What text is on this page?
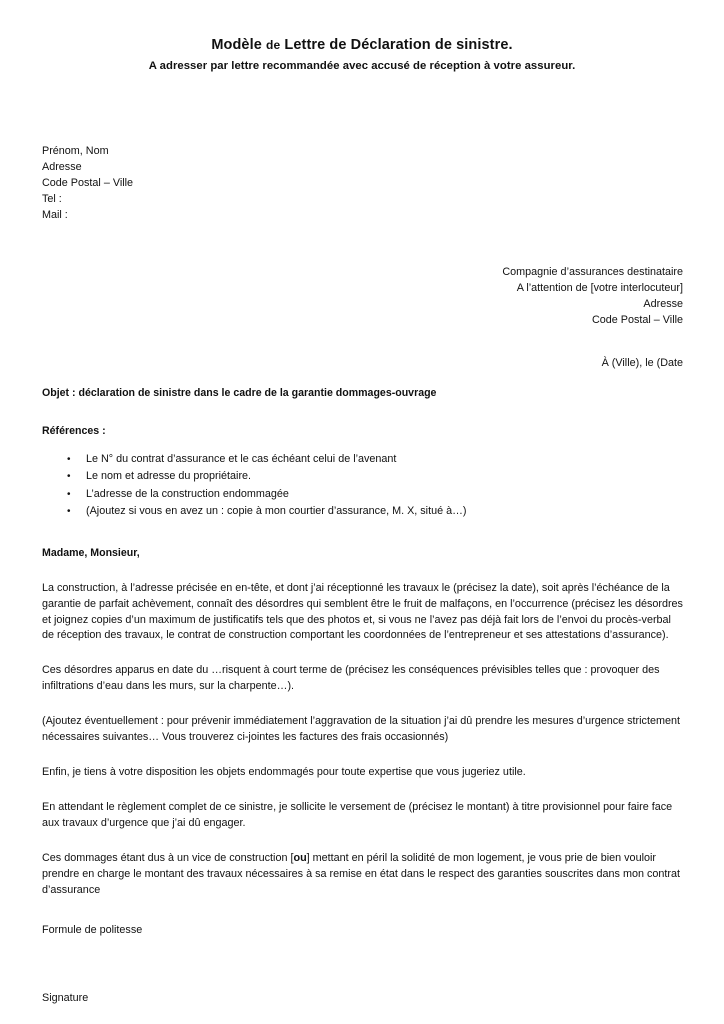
Modèle de Lettre de Déclaration de sinistre.
A adresser par lettre recommandée avec accusé de réception à votre assureur.
Prénom, Nom
Adresse
Code Postal – Ville
Tel :
Mail :
Compagnie d’assurances destinataire
A l’attention de [votre interlocuteur]
Adresse
Code Postal – Ville
À (Ville), le (Date
Objet : déclaration de sinistre dans le cadre de la garantie dommages-ouvrage
Références :
• Le N° du contrat d’assurance et le cas échéant celui de l’avenant
• Le nom et adresse du propriétaire.
• L’adresse de la construction endommagée
• (Ajoutez si vous en avez un : copie à mon courtier d’assurance, M. X, situé à…)
Madame, Monsieur,

La construction, à l’adresse précisée en en-tête, et dont j’ai réceptionné les travaux le (précisez la date), soit après l’échéance de la garantie de parfait achèvement, connaît des désordres qui semblent être le fruit de malfaçons, en l’occurrence (précisez les désordres et joignez copies d’un maximum de justificatifs tels que des photos et, si vous ne l’avez pas déjà fait lors de l’envoi du procès-verbal de réception des travaux, le contrat de construction comportant les coordonnées de l’entrepreneur et ses attestations d’assurance).

Ces désordres apparus en date du …risquent à court terme de (précisez les conséquences prévisibles telles que : provoquer des infiltrations d’eau dans les murs, sur la charpente…).

(Ajoutez éventuellement : pour prévenir immédiatement l’aggravation de la situation j’ai dû prendre les mesures d’urgence strictement nécessaires suivantes… Vous trouverez ci-jointes les factures des frais occasionnés)

Enfin, je tiens à votre disposition les objets endommagés pour toute expertise que vous jugeriez utile.

En attendant le règlement complet de ce sinistre, je sollicite le versement de (précisez le montant) à titre provisionnel pour faire face aux travaux d’urgence que j’ai dû engager.

Ces dommages étant dus à un vice de construction [ou] mettant en péril la solidité de mon logement, je vous prie de bien vouloir prendre en charge le montant des travaux nécessaires à sa remise en état dans le respect des garanties souscrites dans mon contrat d’assurance

Formule de politesse
Signature
